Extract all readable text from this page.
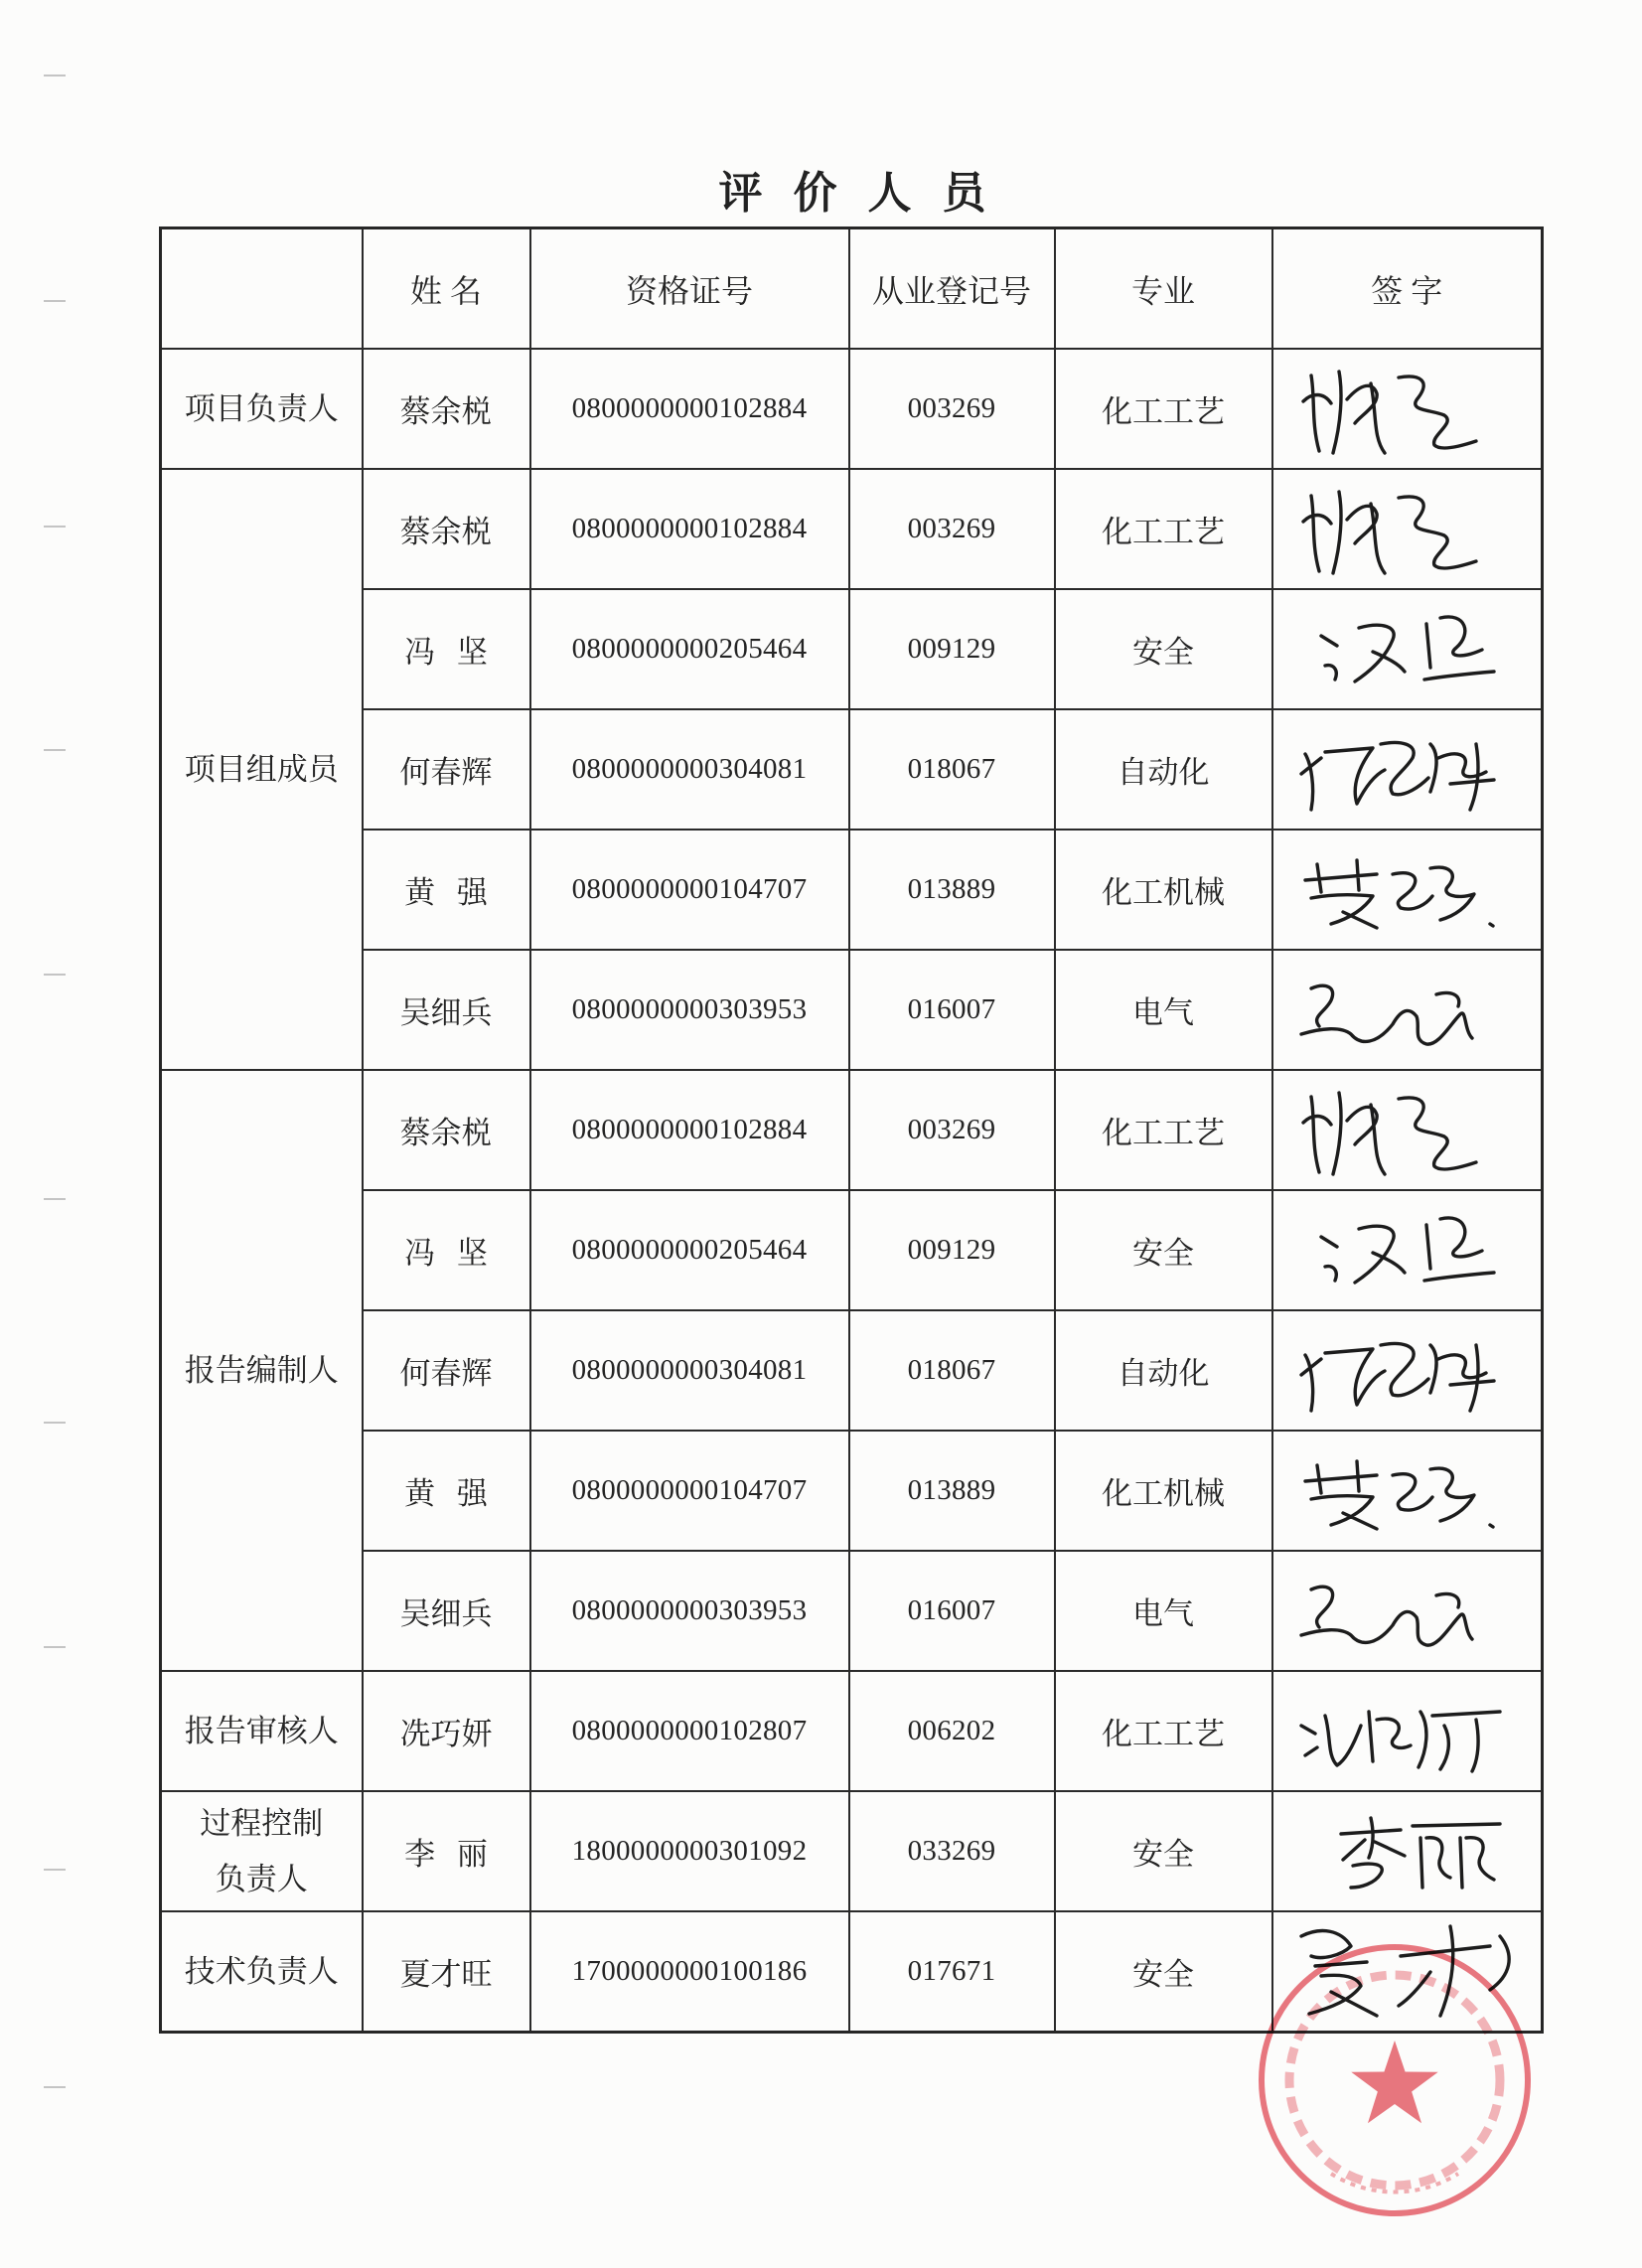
评 价 人 员
	姓 名	资格证号	从业登记号	专业	签 字
项目负责人	蔡余棁	0800000000102884	003269	化工工艺	

项目组成员	蔡余棁	0800000000102884	003269	化工工艺	

	冯 坚	0800000000205464	009129	安全	

	何春辉	0800000000304081	018067	自动化	

	黄 强	0800000000104707	013889	化工机械	

	吴细兵	0800000000303953	016007	电气	

报告编制人	蔡余棁	0800000000102884	003269	化工工艺	

	冯 坚	0800000000205464	009129	安全	

	何春辉	0800000000304081	018067	自动化	

	黄 强	0800000000104707	013889	化工机械	

	吴细兵	0800000000303953	016007	电气	

报告审核人	冼巧妍	0800000000102807	006202	化工工艺	

过程控制
负责人	李 丽	1800000000301092	033269	安全	

技术负责人	夏才旺	1700000000100186	017671	安全	
